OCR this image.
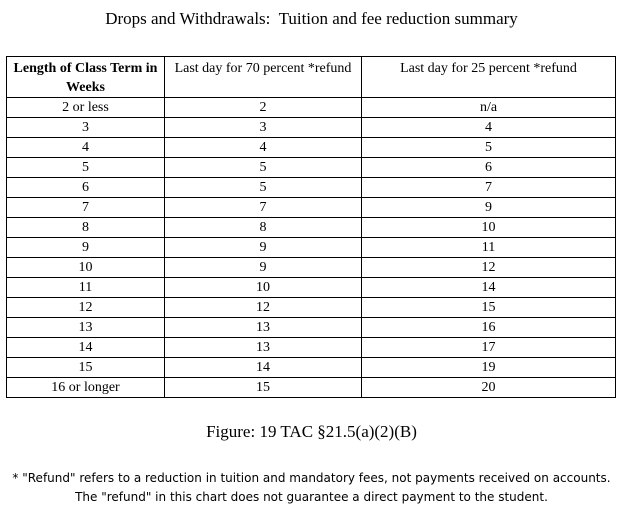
Drops and Withdrawals:  Tuition and fee reduction summary
Length of Class Term in Weeks	Last day for 70 percent *refund	Last day for 25 percent *refund
2 or less	2	n/a
3	3	4
4	4	5
5	5	6
6	5	7
7	7	9
8	8	10
9	9	11
10	9	12
11	10	14
12	12	15
13	13	16
14	13	17
15	14	19
16 or longer	15	20
Figure: 19 TAC §21.5(a)(2)(B)
* "Refund" refers to a reduction in tuition and mandatory fees, not payments received on accounts.
The "refund" in this chart does not guarantee a direct payment to the student.
